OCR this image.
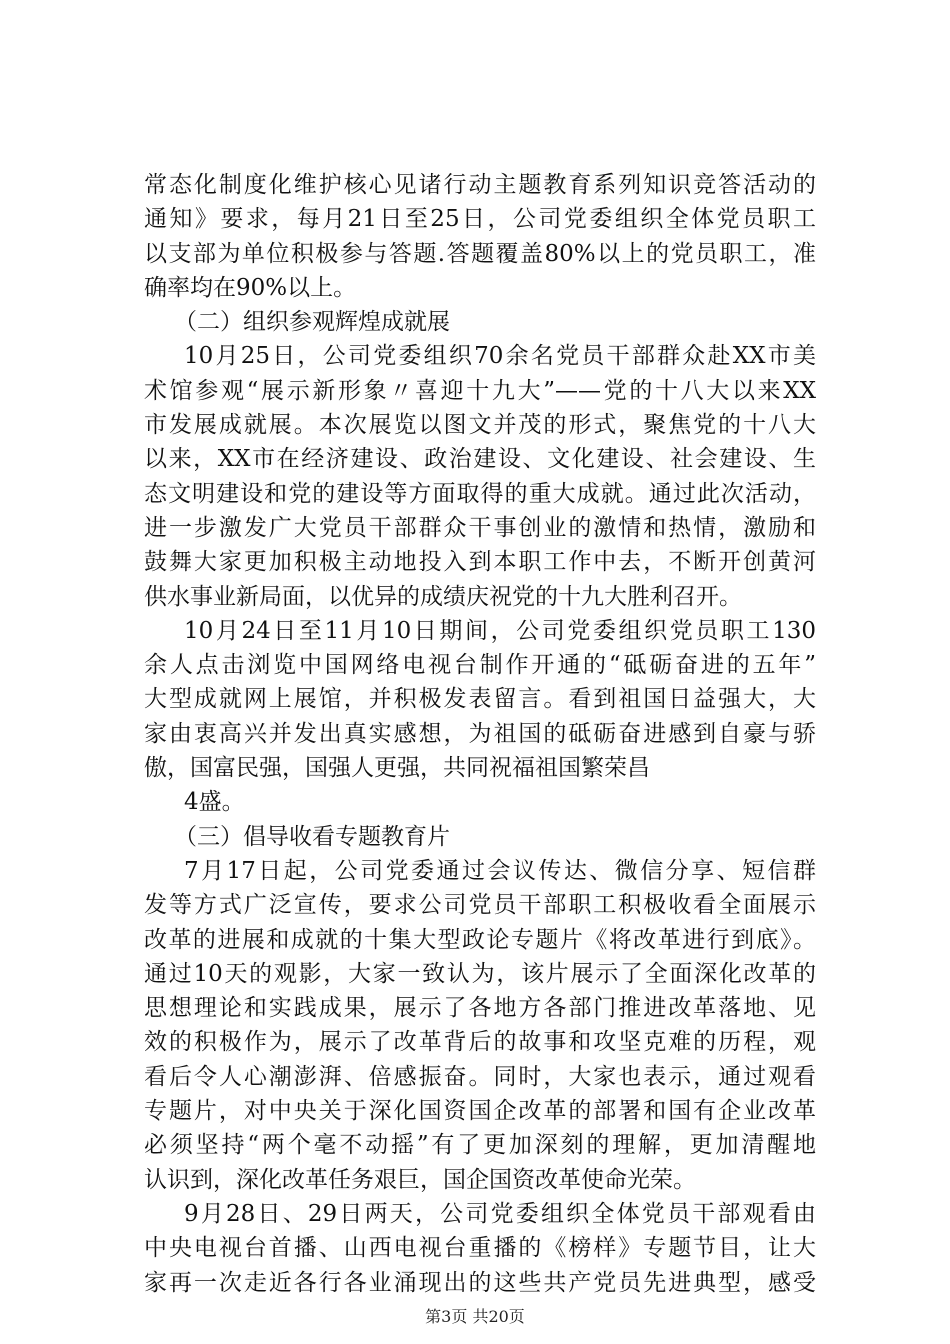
常态化制度化维护核心见诸行动主题教育系列知识竞答活动的
通知》要求，每月21日至25日，公司党委组织全体党员职工
以支部为单位积极参与答题.答题覆盖80%以上的党员职工，准
确率均在90%以上。
（二）组织参观辉煌成就展
10月25日，公司党委组织70余名党员干部群众赴XX市美
术馆参观“展示新形象〃喜迎十九大”——党的十八大以来XX
市发展成就展。本次展览以图文并茂的形式，聚焦党的十八大
以来，XX市在经济建设、政治建设、文化建设、社会建设、生
态文明建设和党的建设等方面取得的重大成就。通过此次活动，
进一步激发广大党员干部群众干事创业的激情和热情，激励和
鼓舞大家更加积极主动地投入到本职工作中去，不断开创黄河
供水事业新局面，以优异的成绩庆祝党的十九大胜利召开。
10月24日至11月10日期间，公司党委组织党员职工130
余人点击浏览中国网络电视台制作开通的“砥砺奋进的五年”
大型成就网上展馆，并积极发表留言。看到祖国日益强大，大
家由衷高兴并发出真实感想，为祖国的砥砺奋进感到自豪与骄
傲，国富民强，国强人更强，共同祝福祖国繁荣昌
4盛。
（三）倡导收看专题教育片
7月17日起，公司党委通过会议传达、微信分享、短信群
发等方式广泛宣传，要求公司党员干部职工积极收看全面展示
改革的进展和成就的十集大型政论专题片《将改革进行到底》。
通过10天的观影，大家一致认为，该片展示了全面深化改革的
思想理论和实践成果，展示了各地方各部门推进改革落地、见
效的积极作为，展示了改革背后的故事和攻坚克难的历程，观
看后令人心潮澎湃、倍感振奋。同时，大家也表示，通过观看
专题片，对中央关于深化国资国企改革的部署和国有企业改革
必须坚持“两个毫不动摇”有了更加深刻的理解，更加清醒地
认识到，深化改革任务艰巨，国企国资改革使命光荣。
9月28日、29日两天，公司党委组织全体党员干部观看由
中央电视台首播、山西电视台重播的《榜样》专题节目，让大
家再一次走近各行各业涌现出的这些共产党员先进典型，感受
第3页 共20页
